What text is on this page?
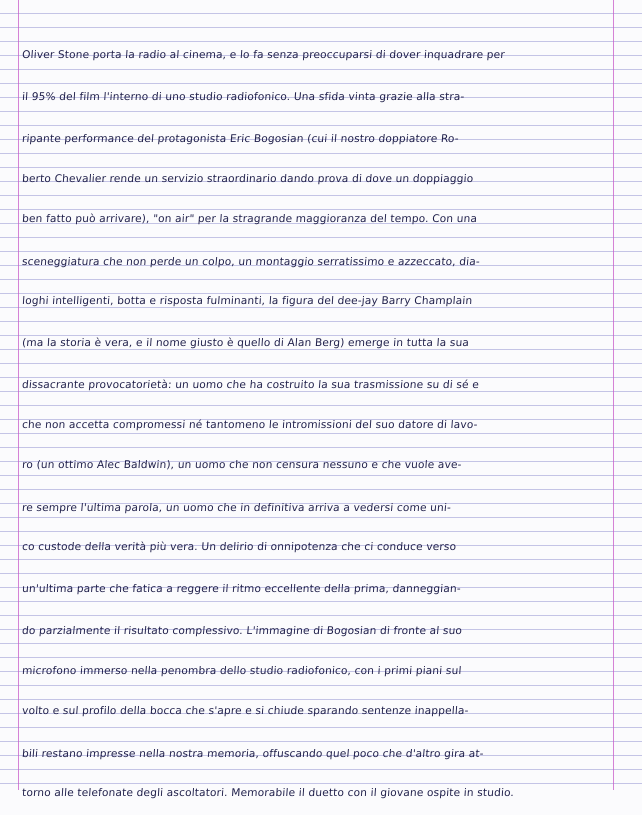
Oliver Stone porta la radio al cinema, e lo fa senza preoccuparsi di dover inquadrare per
il 95% del film l'interno di uno studio radiofonico. Una sfida vinta grazie alla stra-
ripante performance del protagonista Eric Bogosian (cui il nostro doppiatore Ro-
berto Chevalier rende un servizio straordinario dando prova di dove un doppiaggio
ben fatto può arrivare), "on air" per la stragrande maggioranza del tempo. Con una
sceneggiatura che non perde un colpo, un montaggio serratissimo e azzeccato, dia-
loghi intelligenti, botta e risposta fulminanti, la figura del dee-jay Barry Champlain
(ma la storia è vera, e il nome giusto è quello di Alan Berg) emerge in tutta la sua
dissacrante provocatorietà: un uomo che ha costruito la sua trasmissione su di sé e
che non accetta compromessi né tantomeno le intromissioni del suo datore di lavo-
ro (un ottimo Alec Baldwin), un uomo che non censura nessuno e che vuole ave-
re sempre l'ultima parola, un uomo che in definitiva arriva a vedersi come uni-
co custode della verità più vera. Un delirio di onnipotenza che ci conduce verso
un'ultima parte che fatica a reggere il ritmo eccellente della prima, danneggian-
do parzialmente il risultato complessivo. L'immagine di Bogosian di fronte al suo
microfono immerso nella penombra dello studio radiofonico, con i primi piani sul
volto e sul profilo della bocca che s'apre e si chiude sparando sentenze inappella-
bili restano impresse nella nostra memoria, offuscando quel poco che d'altro gira at-
torno alle telefonate degli ascoltatori. Memorabile il duetto con il giovane ospite in studio.
